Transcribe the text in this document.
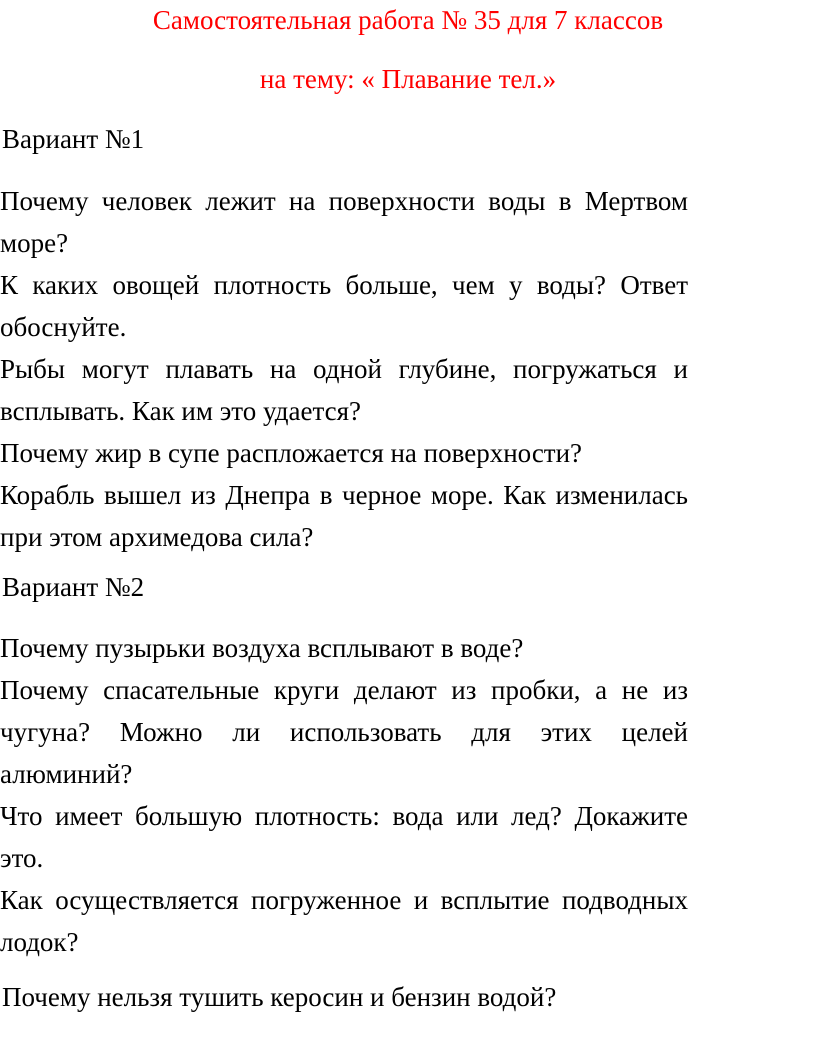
Самостоятельная работа № 35 для 7 классов
на тему: « Плавание тел.»
Вариант №1
Почему человек лежит на поверхности воды в Мертвом море?
К каких овощей плотность больше, чем у воды? Ответ обоснуйте.
Рыбы могут плавать на одной глубине, погружаться и всплывать. Как им это удается?
Почему жир в супе распложается на поверхности?
Корабль вышел из Днепра в черное море. Как изменилась при этом архимедова сила?
Вариант №2
Почему пузырьки воздуха всплывают в воде?
Почему спасательные круги делают из пробки, а не из чугуна? Можно ли использовать для этих целей алюминий?
Что имеет большую плотность: вода или лед? Докажите это.
Как осуществляется погруженное и всплытие подводных лодок?
Почему нельзя тушить керосин и бензин водой?
